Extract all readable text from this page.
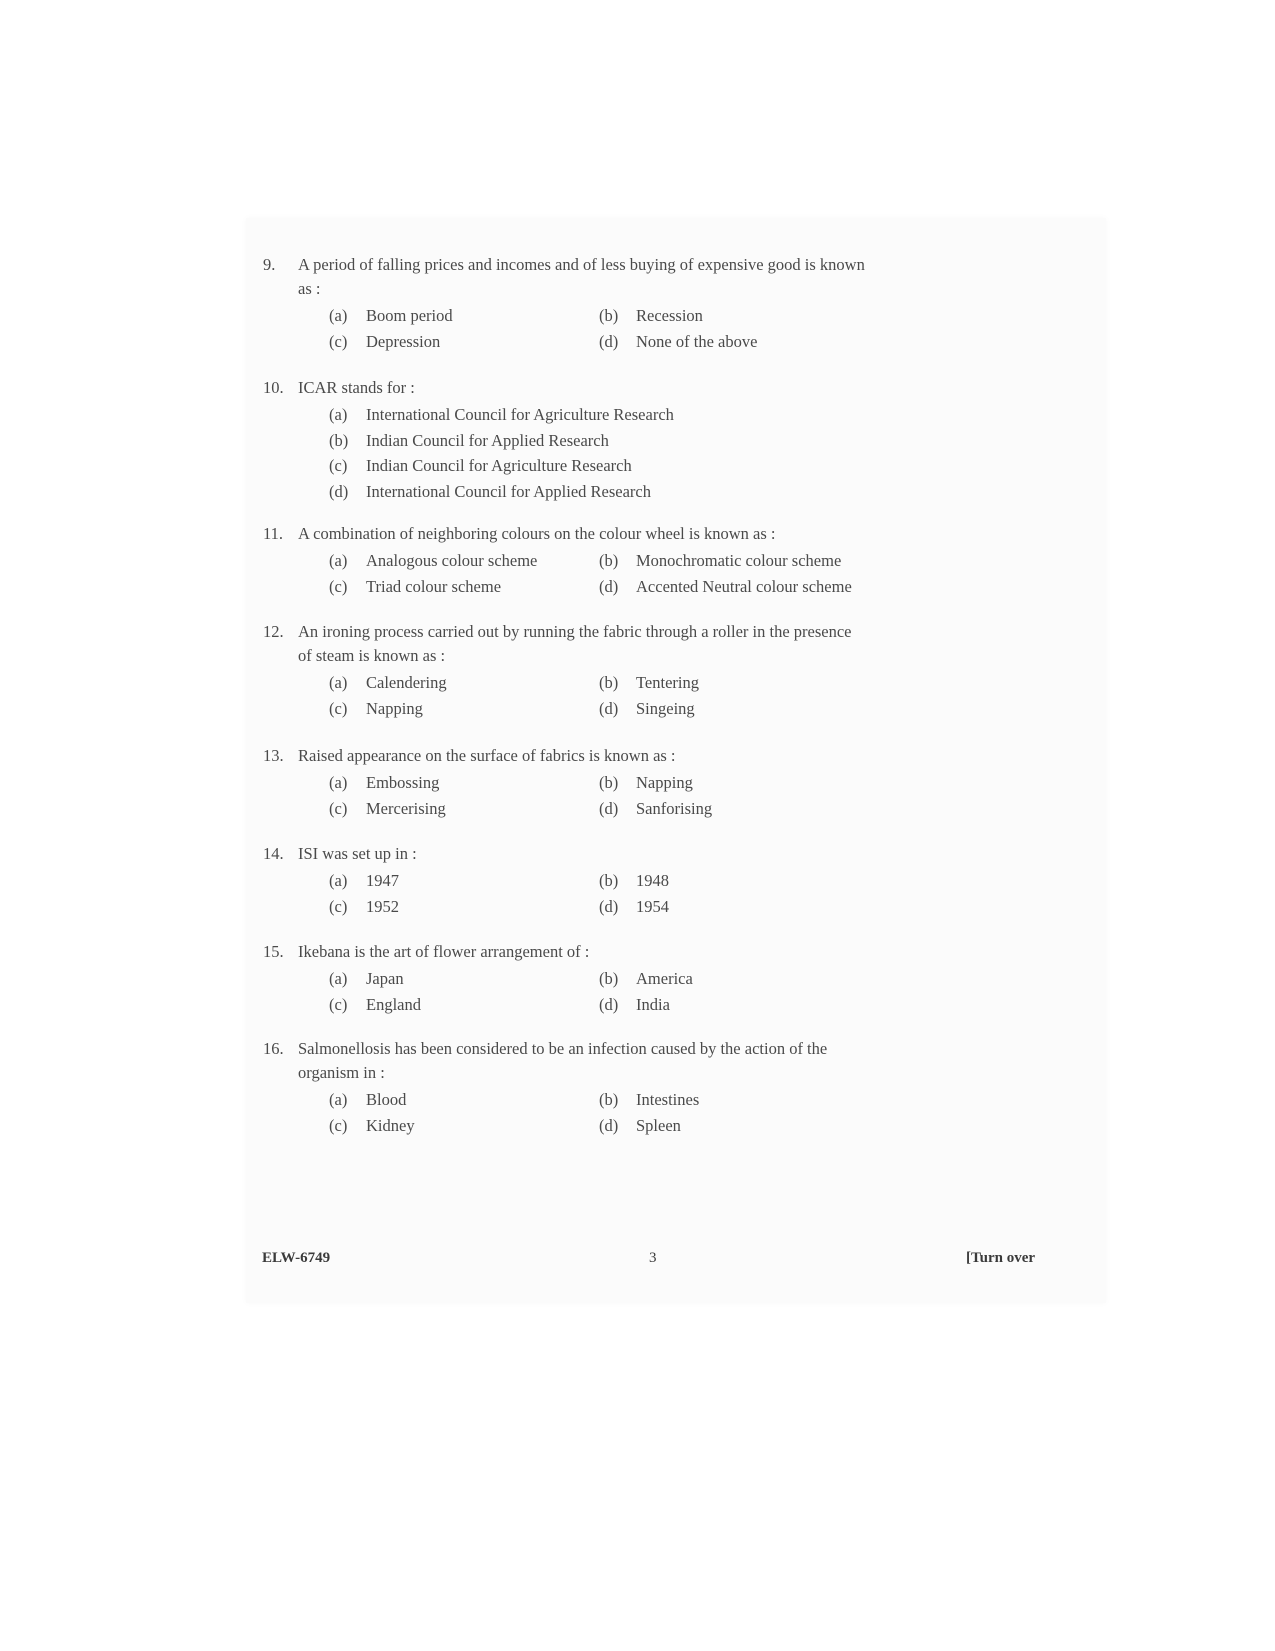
9. A period of falling prices and incomes and of less buying of expensive good is known
as :
(a) Boom period	(b) Recession
(c) Depression	(d) None of the above
10. ICAR stands for :
(a) International Council for Agriculture Research
(b) Indian Council for Applied Research
(c) Indian Council for Agriculture Research
(d) International Council for Applied Research
11. A combination of neighboring colours on the colour wheel is known as :
(a) Analogous colour scheme	(b) Monochromatic colour scheme
(c) Triad colour scheme	(d) Accented Neutral colour scheme
12. An ironing process carried out by running the fabric through a roller in the presence
of steam is known as :
(a) Calendering	(b) Tentering
(c) Napping	(d) Singeing
13. Raised appearance on the surface of fabrics is known as :
(a) Embossing	(b) Napping
(c) Mercerising	(d) Sanforising
14. ISI was set up in :
(a) 1947	(b) 1948
(c) 1952	(d) 1954
15. Ikebana is the art of flower arrangement of :
(a) Japan	(b) America
(c) England	(d) India
16. Salmonellosis has been considered to be an infection caused by the action of the
organism in :
(a) Blood	(b) Intestines
(c) Kidney	(d) Spleen
ELW-6749	3	[Turn over
